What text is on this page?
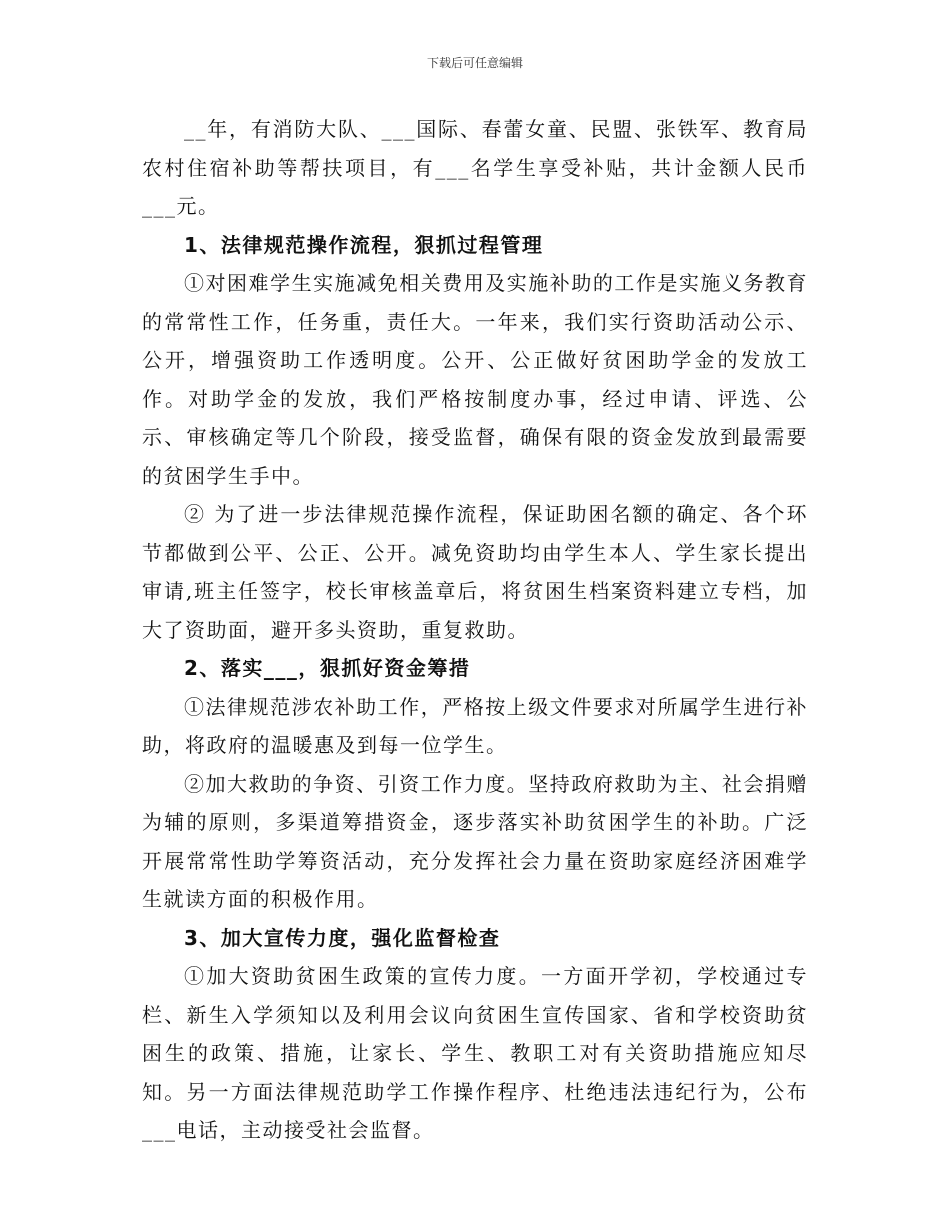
下载后可任意编辑

__年，有消防大队、___国际、春蕾女童、民盟、张铁军、教育局农村住宿补助等帮扶项目，有___名学生享受补贴，共计金额人民币___元。

1、法律规范操作流程，狠抓过程管理

①对困难学生实施减免相关费用及实施补助的工作是实施义务教育的常常性工作，任务重，责任大。一年来，我们实行资助活动公示、公开，增强资助工作透明度。公开、公正做好贫困助学金的发放工作。对助学金的发放，我们严格按制度办事，经过申请、评选、公示、审核确定等几个阶段，接受监督，确保有限的资金发放到最需要的贫困学生手中。

② 为了进一步法律规范操作流程，保证助困名额的确定、各个环节都做到公平、公正、公开。减免资助均由学生本人、学生家长提出审请,班主任签字，校长审核盖章后，将贫困生档案资料建立专档，加大了资助面，避开多头资助，重复救助。

2、落实___，狠抓好资金筹措

①法律规范涉农补助工作，严格按上级文件要求对所属学生进行补助，将政府的温暖惠及到每一位学生。

②加大救助的争资、引资工作力度。坚持政府救助为主、社会捐赠为辅的原则，多渠道筹措资金，逐步落实补助贫困学生的补助。广泛开展常常性助学筹资活动，充分发挥社会力量在资助家庭经济困难学生就读方面的积极作用。

3、加大宣传力度，强化监督检查

①加大资助贫困生政策的宣传力度。一方面开学初，学校通过专栏、新生入学须知以及利用会议向贫困生宣传国家、省和学校资助贫困生的政策、措施，让家长、学生、教职工对有关资助措施应知尽知。另一方面法律规范助学工作操作程序、杜绝违法违纪行为，公布___电话，主动接受社会监督。
